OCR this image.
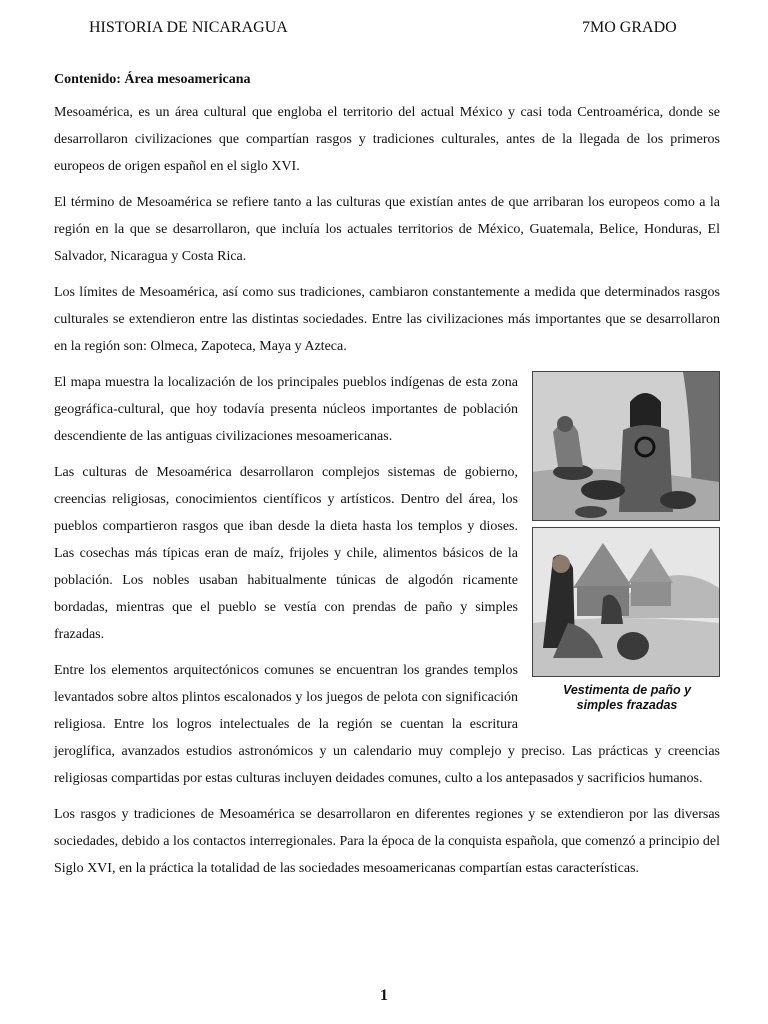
HISTORIA DE NICARAGUA	7MO GRADO

Contenido: Área mesoamericana

Mesoamérica, es un área cultural que engloba el territorio del actual México y casi toda Centroamérica, donde se desarrollaron civilizaciones que compartían rasgos y tradiciones culturales, antes de la llegada de los primeros europeos de origen español en el siglo XVI.

El término de Mesoamérica se refiere tanto a las culturas que existían antes de que arribaran los europeos como a la región en la que se desarrollaron, que incluía los actuales territorios de México, Guatemala, Belice, Honduras, El Salvador, Nicaragua y Costa Rica.

Los límites de Mesoamérica, así como sus tradiciones, cambiaron constantemente a medida que determinados rasgos culturales se extendieron entre las distintas sociedades. Entre las civilizaciones más importantes que se desarrollaron en la región son: Olmeca, Zapoteca, Maya y Azteca.

Vestimenta de paño y
simples frazadas

El mapa muestra la localización de los principales pueblos indígenas de esta zona geográfica-cultural, que hoy todavía presenta núcleos importantes de población descendiente de las antiguas civilizaciones mesoamericanas.

Las culturas de Mesoamérica desarrollaron complejos sistemas de gobierno, creencias religiosas, conocimientos científicos y artísticos. Dentro del área, los pueblos compartieron rasgos que iban desde la dieta hasta los templos y dioses. Las cosechas más típicas eran de maíz, frijoles y chile, alimentos básicos de la población. Los nobles usaban habitualmente túnicas de algodón ricamente bordadas, mientras que el pueblo se vestía con prendas de paño y simples frazadas.

Entre los elementos arquitectónicos comunes se encuentran los grandes templos levantados sobre altos plintos escalonados y los juegos de pelota con significación religiosa. Entre los logros intelectuales de la región se cuentan la escritura jeroglífica, avanzados estudios astronómicos y un calendario muy complejo y preciso. Las prácticas y creencias religiosas compartidas por estas culturas incluyen deidades comunes, culto a los antepasados y sacrificios humanos.

Los rasgos y tradiciones de Mesoamérica se desarrollaron en diferentes regiones y se extendieron por las diversas sociedades, debido a los contactos interregionales. Para la época de la conquista española, que comenzó a principio del Siglo XVI, en la práctica la totalidad de las sociedades mesoamericanas compartían estas características.

1
